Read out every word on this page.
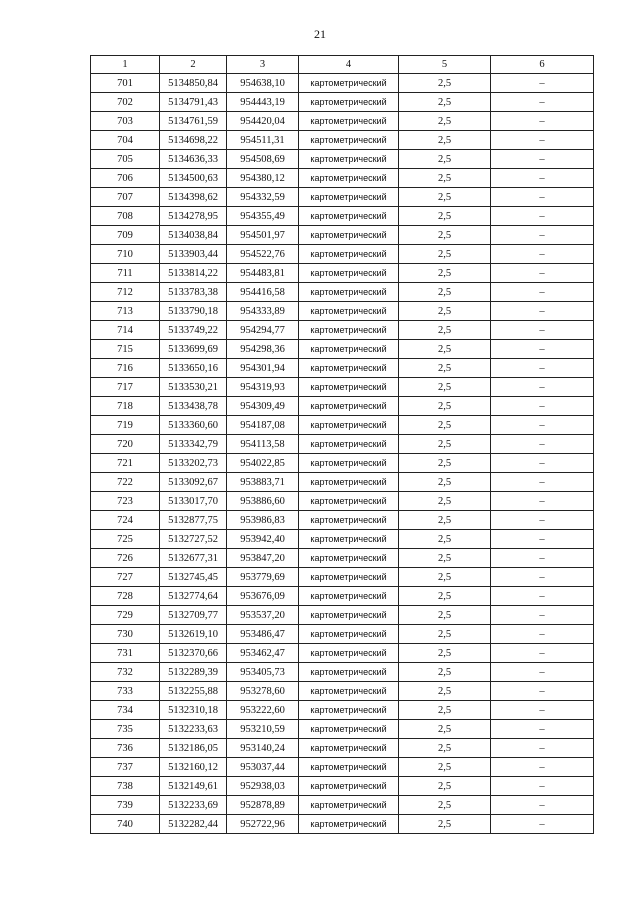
21
1	2	3	4	5	6
701	5134850,84	954638,10	картометрический	2,5	–
702	5134791,43	954443,19	картометрический	2,5	–
703	5134761,59	954420,04	картометрический	2,5	–
704	5134698,22	954511,31	картометрический	2,5	–
705	5134636,33	954508,69	картометрический	2,5	–
706	5134500,63	954380,12	картометрический	2,5	–
707	5134398,62	954332,59	картометрический	2,5	–
708	5134278,95	954355,49	картометрический	2,5	–
709	5134038,84	954501,97	картометрический	2,5	–
710	5133903,44	954522,76	картометрический	2,5	–
711	5133814,22	954483,81	картометрический	2,5	–
712	5133783,38	954416,58	картометрический	2,5	–
713	5133790,18	954333,89	картометрический	2,5	–
714	5133749,22	954294,77	картометрический	2,5	–
715	5133699,69	954298,36	картометрический	2,5	–
716	5133650,16	954301,94	картометрический	2,5	–
717	5133530,21	954319,93	картометрический	2,5	–
718	5133438,78	954309,49	картометрический	2,5	–
719	5133360,60	954187,08	картометрический	2,5	–
720	5133342,79	954113,58	картометрический	2,5	–
721	5133202,73	954022,85	картометрический	2,5	–
722	5133092,67	953883,71	картометрический	2,5	–
723	5133017,70	953886,60	картометрический	2,5	–
724	5132877,75	953986,83	картометрический	2,5	–
725	5132727,52	953942,40	картометрический	2,5	–
726	5132677,31	953847,20	картометрический	2,5	–
727	5132745,45	953779,69	картометрический	2,5	–
728	5132774,64	953676,09	картометрический	2,5	–
729	5132709,77	953537,20	картометрический	2,5	–
730	5132619,10	953486,47	картометрический	2,5	–
731	5132370,66	953462,47	картометрический	2,5	–
732	5132289,39	953405,73	картометрический	2,5	–
733	5132255,88	953278,60	картометрический	2,5	–
734	5132310,18	953222,60	картометрический	2,5	–
735	5132233,63	953210,59	картометрический	2,5	–
736	5132186,05	953140,24	картометрический	2,5	–
737	5132160,12	953037,44	картометрический	2,5	–
738	5132149,61	952938,03	картометрический	2,5	–
739	5132233,69	952878,89	картометрический	2,5	–
740	5132282,44	952722,96	картометрический	2,5	–
